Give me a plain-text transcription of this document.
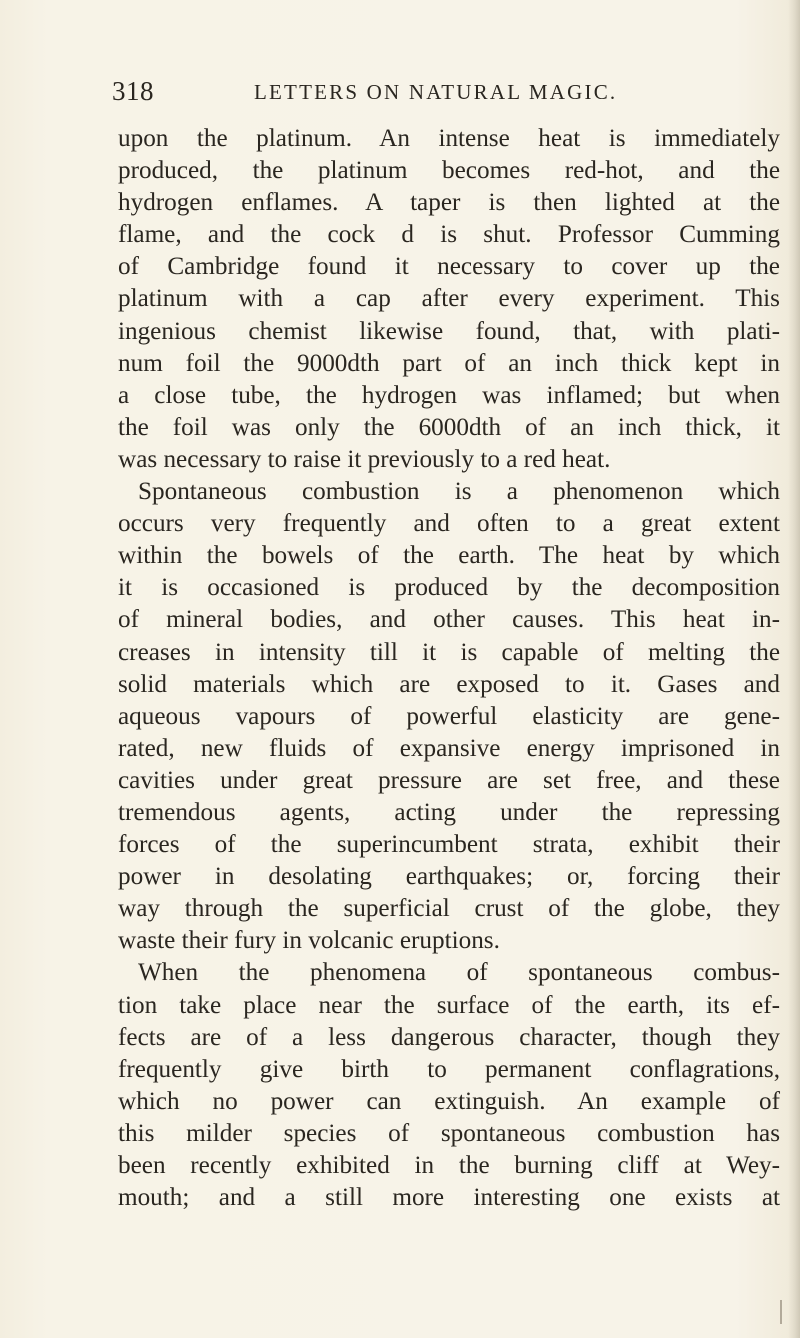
318	LETTERS ON NATURAL MAGIC.
upon the platinum. An intense heat is immediately
produced, the platinum becomes red-hot, and the
hydrogen enflames. A taper is then lighted at the
flame, and the cock d is shut. Professor Cumming
of Cambridge found it necessary to cover up the
platinum with a cap after every experiment. This
ingenious chemist likewise found, that, with plati-
num foil the 9000dth part of an inch thick kept in
a close tube, the hydrogen was inflamed; but when
the foil was only the 6000dth of an inch thick, it
was necessary to raise it previously to a red heat.
Spontaneous combustion is a phenomenon which
occurs very frequently and often to a great extent
within the bowels of the earth. The heat by which
it is occasioned is produced by the decomposition
of mineral bodies, and other causes. This heat in-
creases in intensity till it is capable of melting the
solid materials which are exposed to it. Gases and
aqueous vapours of powerful elasticity are gene-
rated, new fluids of expansive energy imprisoned in
cavities under great pressure are set free, and these
tremendous agents, acting under the repressing
forces of the superincumbent strata, exhibit their
power in desolating earthquakes; or, forcing their
way through the superficial crust of the globe, they
waste their fury in volcanic eruptions.
When the phenomena of spontaneous combus-
tion take place near the surface of the earth, its ef-
fects are of a less dangerous character, though they
frequently give birth to permanent conflagrations,
which no power can extinguish. An example of
this milder species of spontaneous combustion has
been recently exhibited in the burning cliff at Wey-
mouth; and a still more interesting one exists at
